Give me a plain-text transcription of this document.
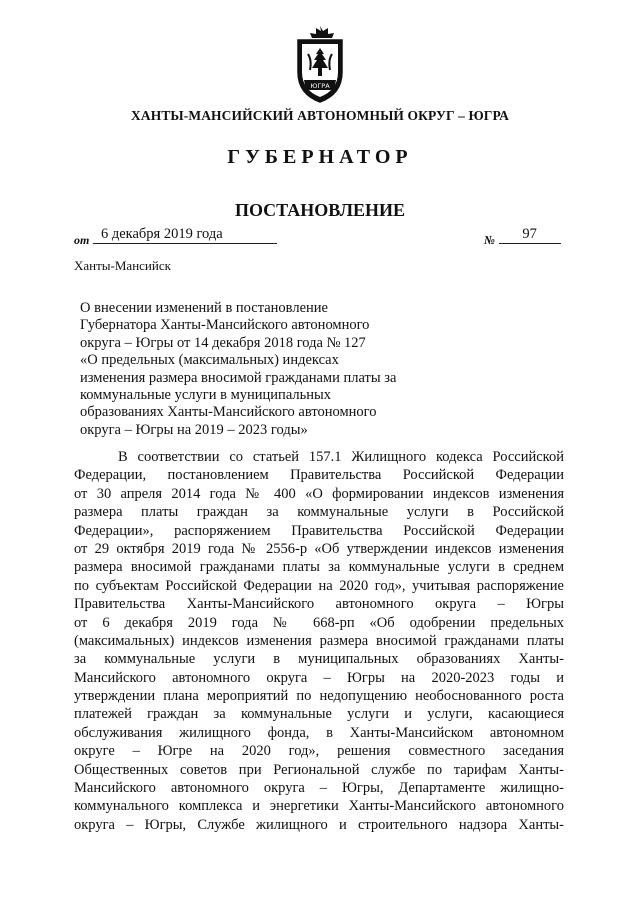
ЮГРА
ХАНТЫ-МАНСИЙСКИЙ АВТОНОМНЫЙ ОКРУГ – ЮГРА
ГУБЕРНАТОР
ПОСТАНОВЛЕНИЕ
от 6 декабря 2019 года	№ 97
Ханты-Мансийск
О внесении изменений в постановление
Губернатора Ханты-Мансийского автономного
округа – Югры от 14 декабря 2018 года № 127
«О предельных (максимальных) индексах
изменения размера вносимой гражданами платы за
коммунальные услуги в муниципальных
образованиях Ханты-Мансийского автономного
округа – Югры на 2019 – 2023 годы»
В соответствии со статьей 157.1 Жилищного кодекса Российской
Федерации, постановлением Правительства Российской Федерации
от 30 апреля 2014 года № 400 «О формировании индексов изменения
размера платы граждан за коммунальные услуги в Российской
Федерации», распоряжением Правительства Российской Федерации
от 29 октября 2019 года № 2556-р «Об утверждении индексов изменения
размера вносимой гражданами платы за коммунальные услуги в среднем
по субъектам Российской Федерации на 2020 год», учитывая распоряжение
Правительства Ханты-Мансийского автономного округа – Югры
от 6 декабря 2019 года № 668-рп «Об одобрении предельных
(максимальных) индексов изменения размера вносимой гражданами платы
за коммунальные услуги в муниципальных образованиях Ханты-
Мансийского автономного округа – Югры на 2020-2023 годы и
утверждении плана мероприятий по недопущению необоснованного роста
платежей граждан за коммунальные услуги и услуги, касающиеся
обслуживания жилищного фонда, в Ханты-Мансийском автономном
округе – Югре на 2020 год», решения совместного заседания
Общественных советов при Региональной службе по тарифам Ханты-
Мансийского автономного округа – Югры, Департаменте жилищно-
коммунального комплекса и энергетики Ханты-Мансийского автономного
округа – Югры, Службе жилищного и строительного надзора Ханты-
